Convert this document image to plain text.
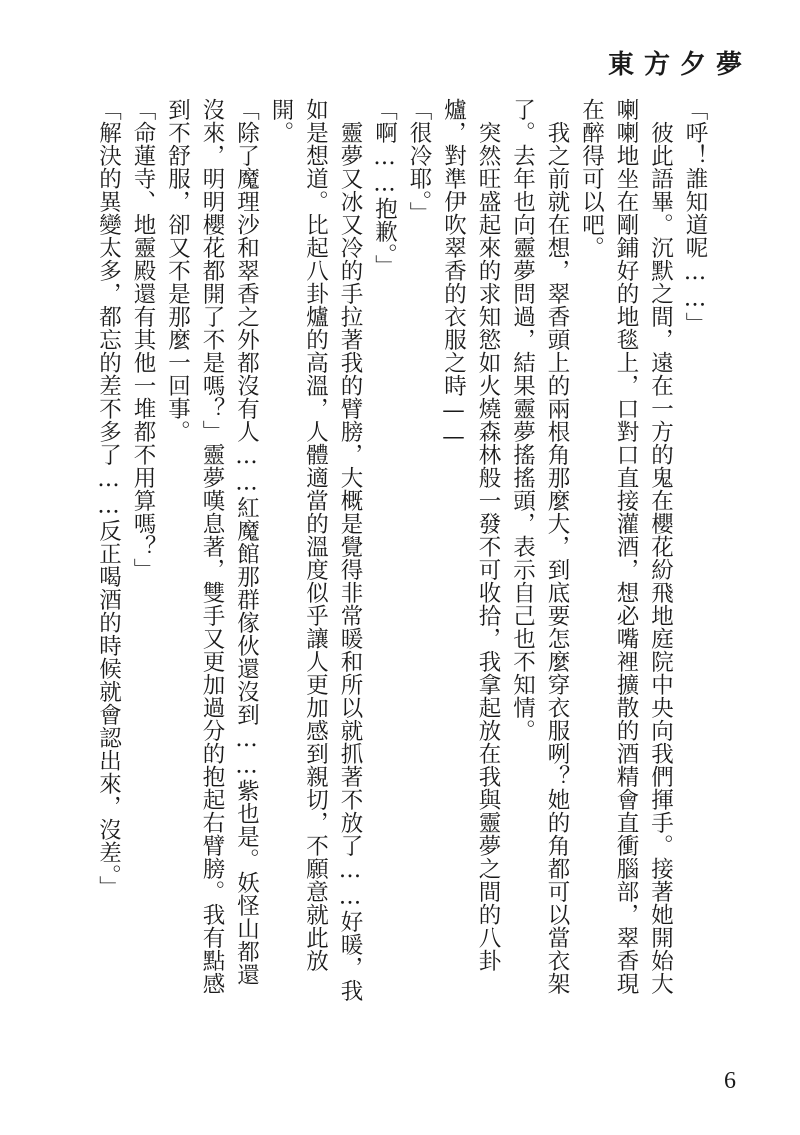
東方夕夢

「呼！誰知道呢……」

　彼此語畢。沉默之間，遠在一方的鬼在櫻花紛飛地庭院中央向我們揮手。接著她開始大喇喇地坐在剛鋪好的地毯上，口對口直接灌酒，想必嘴裡擴散的酒精會直衝腦部，翠香現在醉得可以吧。

　我之前就在想，翠香頭上的兩根角那麼大，到底要怎麼穿衣服咧？她的角都可以當衣架了。去年也向靈夢問過，結果靈夢搖搖頭，表示自己也不知情。

　突然旺盛起來的求知慾如火燒森林般一發不可收拾，我拿起放在我與靈夢之間的八卦爐，對準伊吹翠香的衣服之時——

「很冷耶。」

「啊……抱歉。」

　靈夢又冰又冷的手拉著我的臂膀，大概是覺得非常暖和所以就抓著不放了……好暖，我如是想道。比起八卦爐的高溫，人體適當的溫度似乎讓人更加感到親切，不願意就此放開。

「除了魔理沙和翠香之外都沒有人……紅魔館那群傢伙還沒到……紫也是。妖怪山都還沒來，明明櫻花都開了不是嗎？」靈夢嘆息著，雙手又更加過分的抱起右臂膀。我有點感到不舒服，卻又不是那麼一回事。

「命蓮寺、地靈殿還有其他一堆都不用算嗎？」

「解決的異變太多，都忘的差不多了……反正喝酒的時候就會認出來，沒差。」

6
